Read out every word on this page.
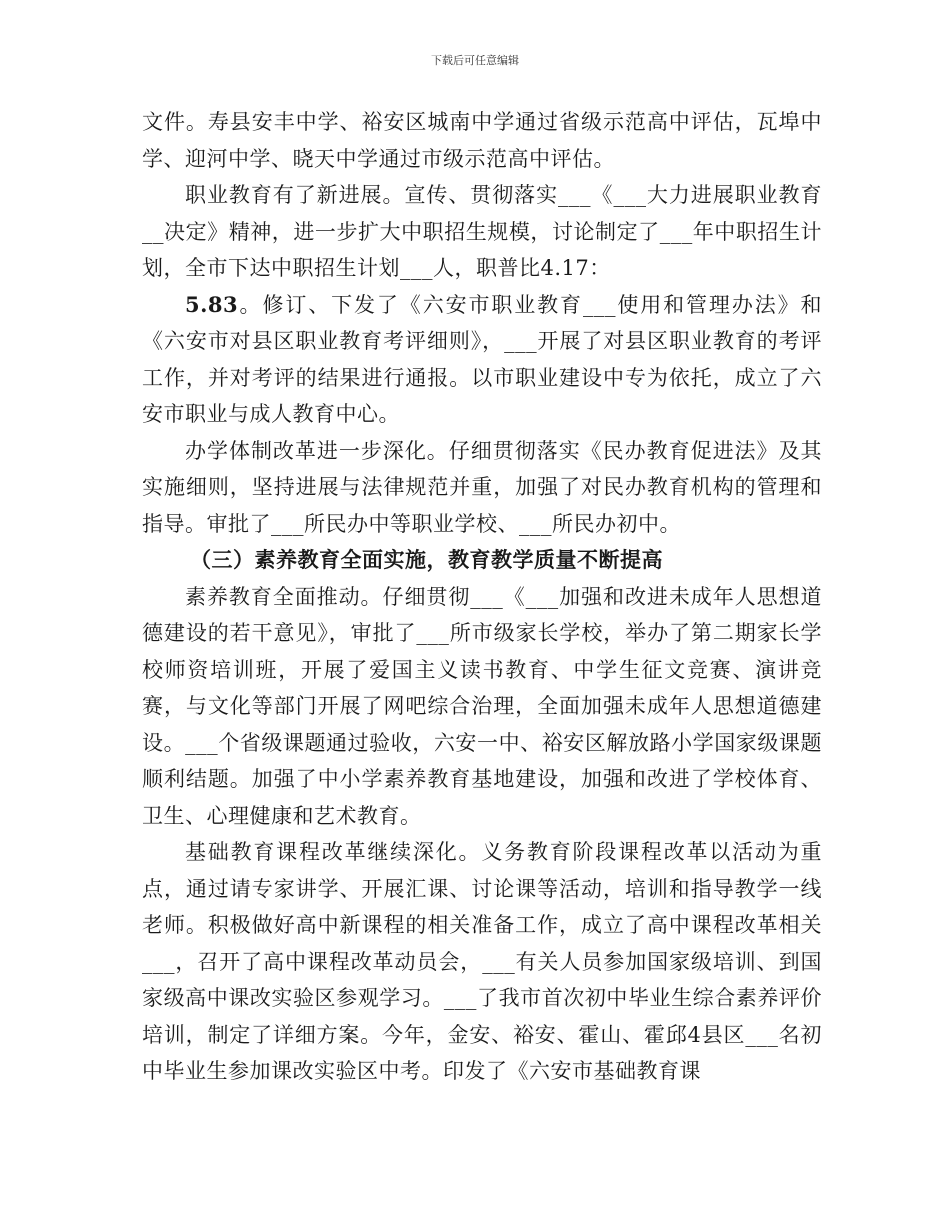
下载后可任意编辑

文件。寿县安丰中学、裕安区城南中学通过省级示范高中评估，瓦埠中学、迎河中学、晓天中学通过市级示范高中评估。

职业教育有了新进展。宣传、贯彻落实___《___大力进展职业教育__决定》精神，进一步扩大中职招生规模，讨论制定了___年中职招生计划，全市下达中职招生计划___人，职普比4.17：

5.83。修订、下发了《六安市职业教育___使用和管理办法》和《六安市对县区职业教育考评细则》，___开展了对县区职业教育的考评工作，并对考评的结果进行通报。以市职业建设中专为依托，成立了六安市职业与成人教育中心。

办学体制改革进一步深化。仔细贯彻落实《民办教育促进法》及其实施细则，坚持进展与法律规范并重，加强了对民办教育机构的管理和指导。审批了___所民办中等职业学校、___所民办初中。

（三）素养教育全面实施，教育教学质量不断提高

素养教育全面推动。仔细贯彻___《___加强和改进未成年人思想道德建设的若干意见》，审批了___所市级家长学校，举办了第二期家长学校师资培训班，开展了爱国主义读书教育、中学生征文竞赛、演讲竞赛，与文化等部门开展了网吧综合治理，全面加强未成年人思想道德建设。___个省级课题通过验收，六安一中、裕安区解放路小学国家级课题顺利结题。加强了中小学素养教育基地建设，加强和改进了学校体育、卫生、心理健康和艺术教育。

基础教育课程改革继续深化。义务教育阶段课程改革以活动为重点，通过请专家讲学、开展汇课、讨论课等活动，培训和指导教学一线老师。积极做好高中新课程的相关准备工作，成立了高中课程改革相关___，召开了高中课程改革动员会，___有关人员参加国家级培训、到国家级高中课改实验区参观学习。___了我市首次初中毕业生综合素养评价培训，制定了详细方案。今年，金安、裕安、霍山、霍邱4县区___名初中毕业生参加课改实验区中考。印发了《六安市基础教育课
